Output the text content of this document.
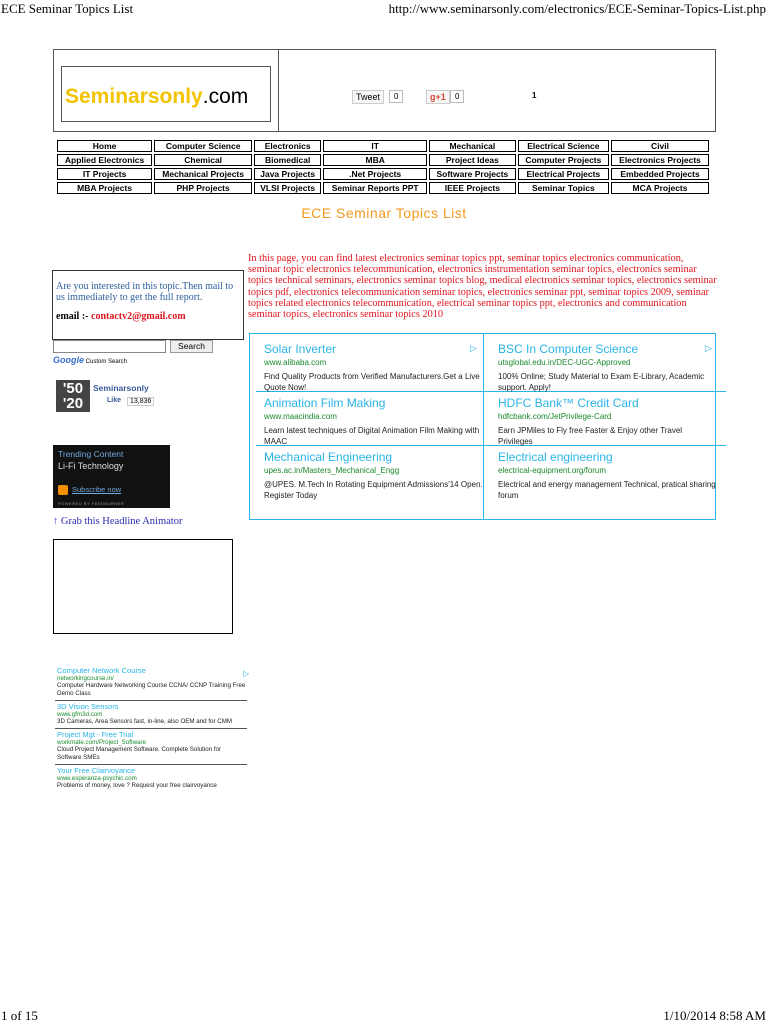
ECE Seminar Topics List	http://www.seminarsonly.com/electronics/ECE-Seminar-Topics-List.php
1 of 15	1/10/2014 8:58 AM
Seminarsonly.com	Tweet	0	g+1	0	1
Home	Computer Science	Electronics	IT	Mechanical	Electrical Science	Civil
Applied Electronics	Chemical	Biomedical	MBA	Project Ideas	Computer Projects	Electronics Projects
IT Projects	Mechanical Projects	Java Projects	.Net Projects	Software Projects	Electrical Projects	Embedded Projects
MBA Projects	PHP Projects	VLSI Projects	Seminar Reports PPT	IEEE Projects	Seminar Topics	MCA Projects
ECE Seminar Topics List
In this page, you can find latest electronics seminar topics ppt, seminar topics electronics communication, seminar topic electronics telecommunication, electronics instrumentation seminar topics, electronics seminar topics technical seminars, electronics seminar topics blog, medical electronics seminar topics, electronics seminar topics pdf, electronics telecommunication seminar topics, electronics seminar ppt, seminar topics 2009, seminar topics related electronics telecommunication, electrical seminar topics ppt, electronics and communication seminar topics, electronics seminar topics 2010
Are you interested in this topic.Then mail to us immediately to get the full report.
email :- contactv2@gmail.com
Search
Google Custom Search
'50 '20
Seminarsonly
Like	13,836
Trending Content
Li-Fi Technology
Subscribe now
POWERED BY FEEDBURNER
↑ Grab this Headline Animator
Computer Network Course
networkingcourse.in/
Computer Hardware Networking Course CCNA/ CCNP Training Free Demo Class
3D Vision Sensors
www.gfm3d.com
3D Cameras, Area Sensors fast, in-line, also OEM and for CMM
Project Mgt - Free Trial
workmate.com/Project_Software
Cloud Project Management Software. Complete Solution for Software SMEs
Your Free Clairvoyance
www.esperanza-psychic.com
Problems of money, love ? Request your free clairvoyance
▷
Solar Inverter
www.alibaba.com
Find Quality Products from Verified Manufacturers.Get a Live Quote Now!
Animation Film Making
www.maacindia.com
Learn latest techniques of Digital Animation Film Making with MAAC
Mechanical Engineering
upes.ac.in/Masters_Mechanical_Engg
@UPES. M.Tech In Rotating Equipment Admissions'14 Open. Register Today
BSC In Computer Science
utsglobal.edu.in/DEC-UGC-Approved
100% Online; Study Material to Exam E-Library, Academic support. Apply!
HDFC Bank™ Credit Card
hdfcbank.com/JetPrivilege-Card
Earn JPMiles to Fly free Faster & Enjoy other Travel Privileges
Electrical engineering
electrical-equipment.org/forum
Electrical and energy management Technical, pratical sharing forum
▷	▷
